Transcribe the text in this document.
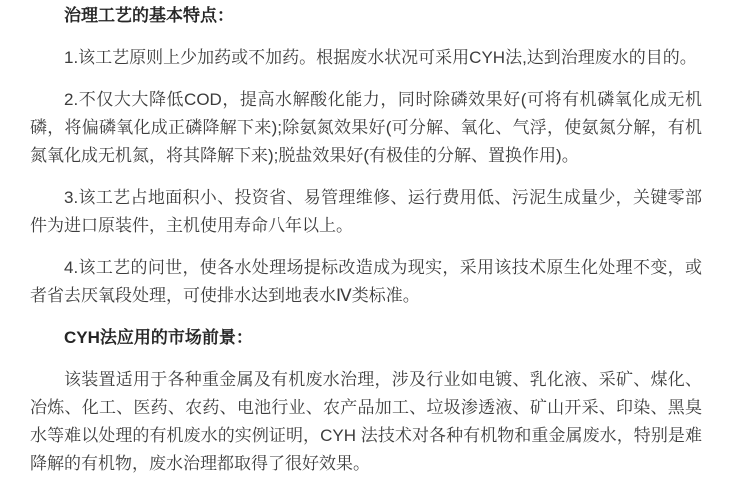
治理工艺的基本特点：

1.该工艺原则上少加药或不加药。根据废水状况可采用CYH法,达到治理废水的目的。

2.不仅大大降低COD，提高水解酸化能力，同时除磷效果好(可将有机磷氧化成无机磷，将偏磷氧化成正磷降解下来);除氨氮效果好(可分解、氧化、气浮，使氨氮分解，有机氮氧化成无机氮，将其降解下来);脱盐效果好(有极佳的分解、置换作用)。

3.该工艺占地面积小、投资省、易管理维修、运行费用低、污泥生成量少，关键零部件为进口原装件，主机使用寿命八年以上。

4.该工艺的问世，使各水处理场提标改造成为现实，采用该技术原生化处理不变，或者省去厌氧段处理，可使排水达到地表水Ⅳ类标准。

CYH法应用的市场前景：

该装置适用于各种重金属及有机废水治理，涉及行业如电镀、乳化液、采矿、煤化、冶炼、化工、医药、农药、电池行业、农产品加工、垃圾渗透液、矿山开采、印染、黑臭水等难以处理的有机废水的实例证明，CYH 法技术对各种有机物和重金属废水，特别是难降解的有机物，废水治理都取得了很好效果。
